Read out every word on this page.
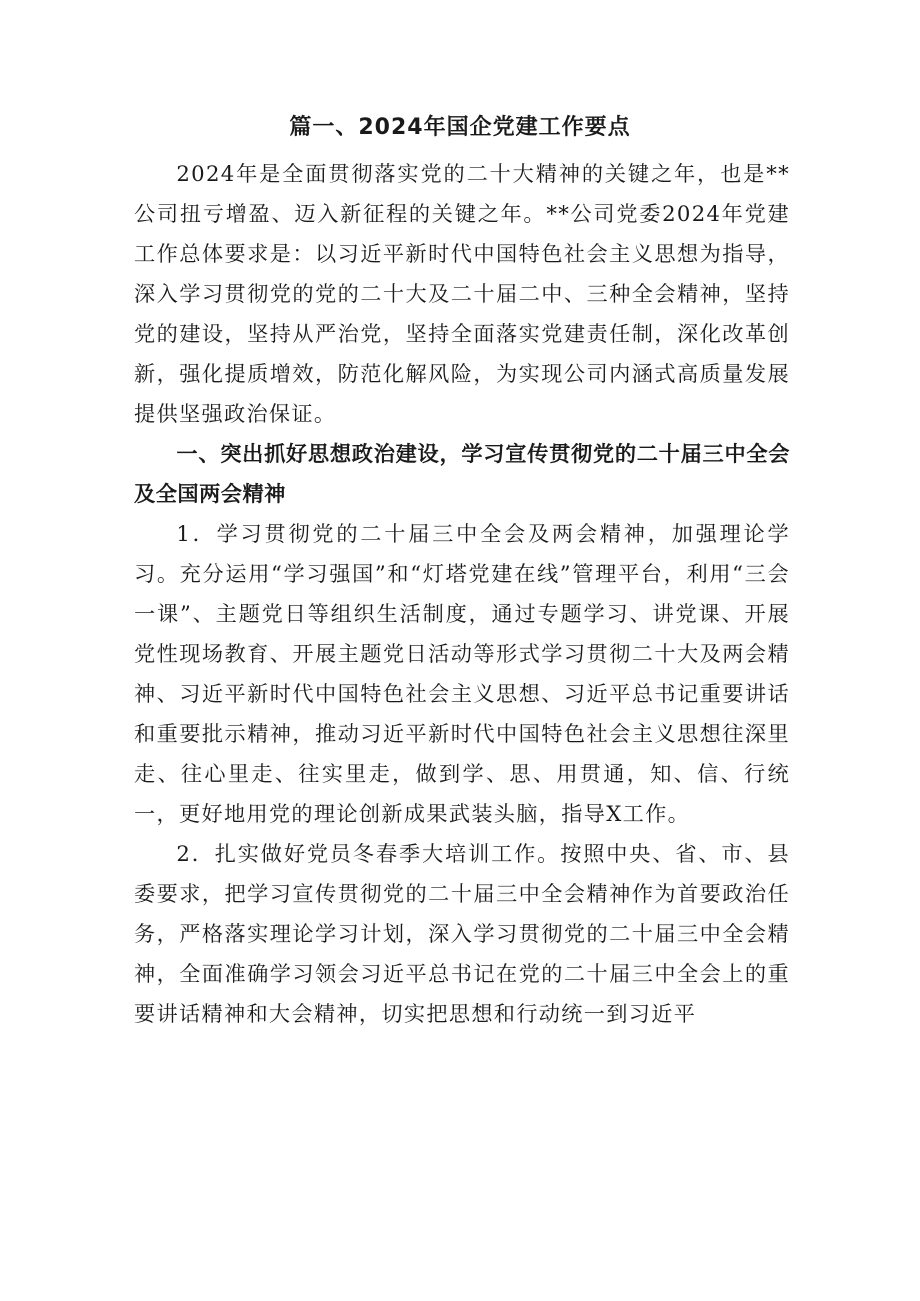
篇一、2024年国企党建工作要点

2024年是全面贯彻落实党的二十大精神的关键之年，也是**公司扭亏增盈、迈入新征程的关键之年。**公司党委2024年党建工作总体要求是：以习近平新时代中国特色社会主义思想为指导，深入学习贯彻党的党的二十大及二十届二中、三种全会精神，坚持党的建设，坚持从严治党，坚持全面落实党建责任制，深化改革创新，强化提质增效，防范化解风险，为实现公司内涵式高质量发展提供坚强政治保证。

一、突出抓好思想政治建设，学习宣传贯彻党的二十届三中全会及全国两会精神

1．学习贯彻党的二十届三中全会及两会精神，加强理论学习。充分运用“学习强国”和“灯塔党建在线”管理平台，利用“三会一课”、主题党日等组织生活制度，通过专题学习、讲党课、开展党性现场教育、开展主题党日活动等形式学习贯彻二十大及两会精神、习近平新时代中国特色社会主义思想、习近平总书记重要讲话和重要批示精神，推动习近平新时代中国特色社会主义思想往深里走、往心里走、往实里走，做到学、思、用贯通，知、信、行统一，更好地用党的理论创新成果武装头脑，指导X工作。

2．扎实做好党员冬春季大培训工作。按照中央、省、市、县委要求，把学习宣传贯彻党的二十届三中全会精神作为首要政治任务，严格落实理论学习计划，深入学习贯彻党的二十届三中全会精神，全面准确学习领会习近平总书记在党的二十届三中全会上的重要讲话精神和大会精神，切实把思想和行动统一到习近平
